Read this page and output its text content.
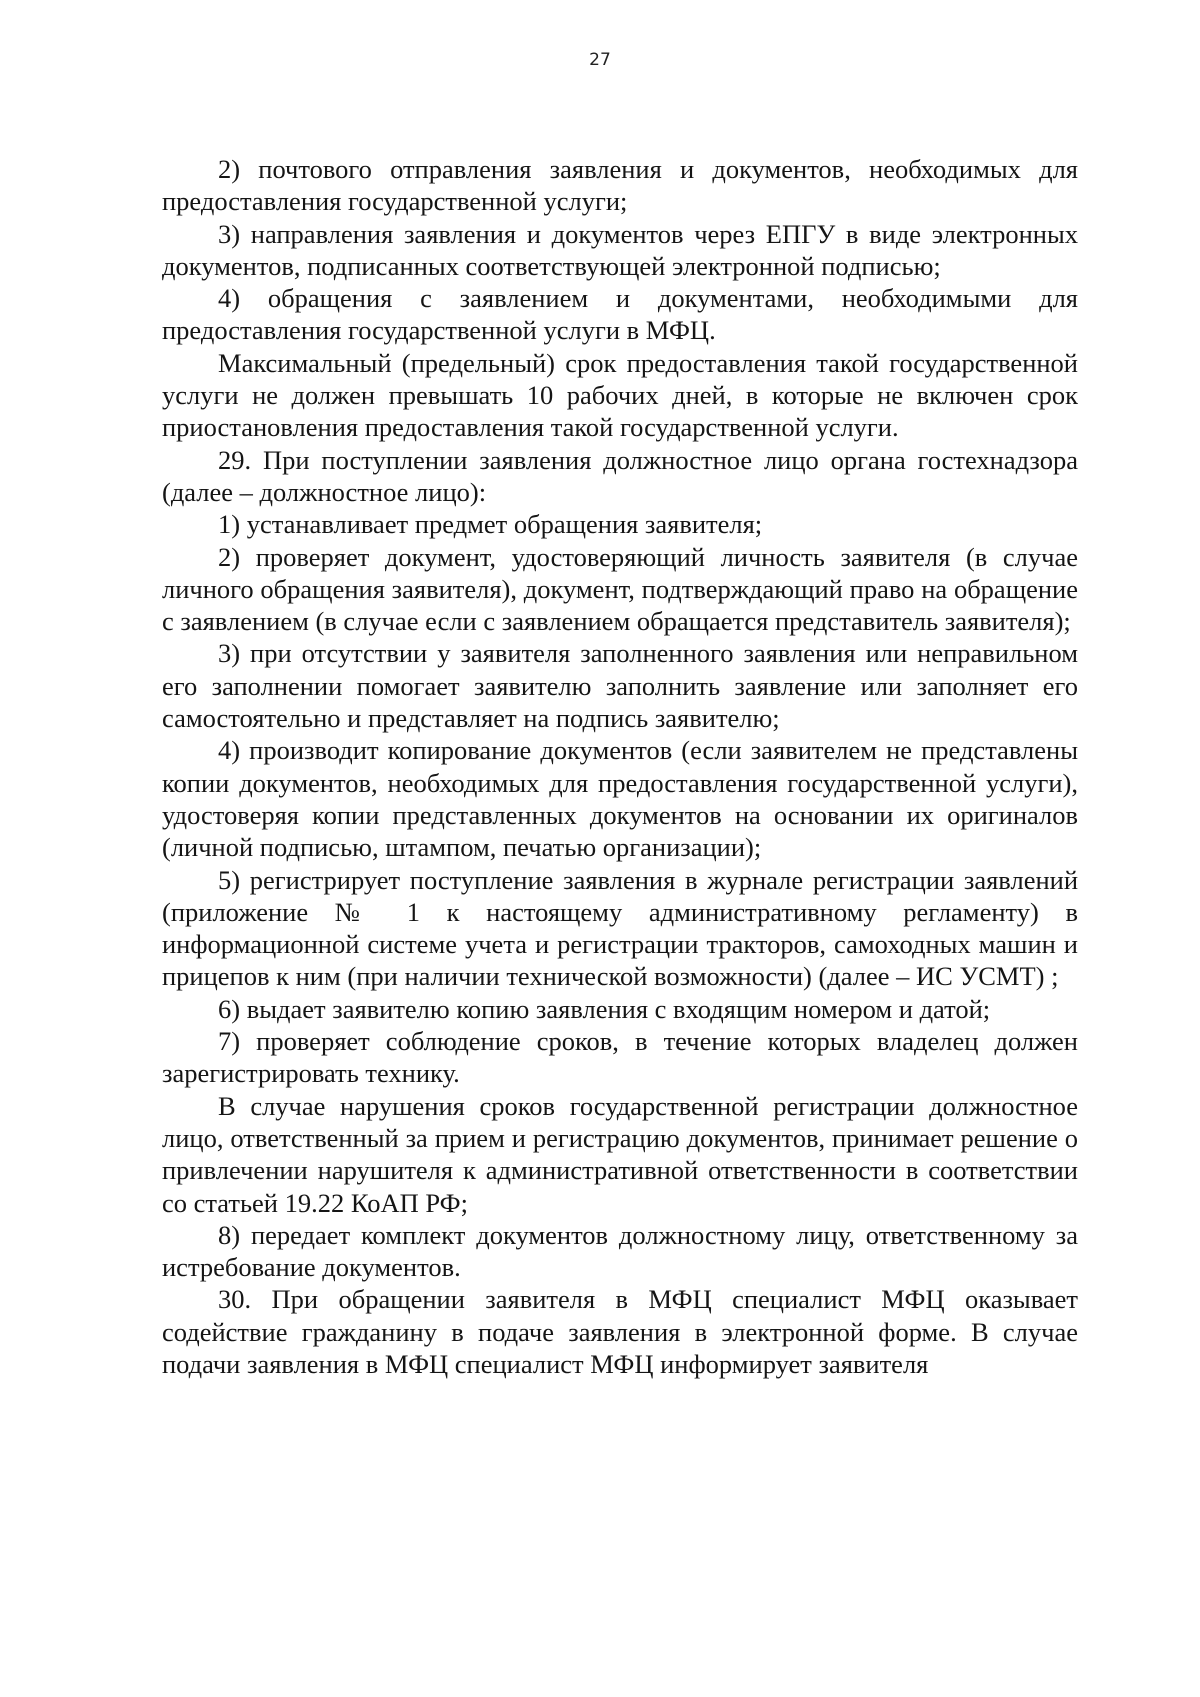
27

2) почтового отправления заявления и документов, необходимых для предоставления государственной услуги;

3) направления заявления и документов через ЕПГУ в виде электронных документов, подписанных соответствующей электронной подписью;

4) обращения с заявлением и документами, необходимыми для предоставления государственной услуги в МФЦ.

Максимальный (предельный) срок предоставления такой государственной услуги не должен превышать 10 рабочих дней, в которые не включен срок приостановления предоставления такой государственной услуги.

29. При поступлении заявления должностное лицо органа гостехнадзора (далее – должностное лицо):

1) устанавливает предмет обращения заявителя;

2) проверяет документ, удостоверяющий личность заявителя (в случае личного обращения заявителя), документ, подтверждающий право на обращение с заявлением (в случае если с заявлением обращается представитель заявителя);

3) при отсутствии у заявителя заполненного заявления или неправильном его заполнении помогает заявителю заполнить заявление или заполняет его самостоятельно и представляет на подпись заявителю;

4) производит копирование документов (если заявителем не представлены копии документов, необходимых для предоставления государственной услуги), удостоверяя копии представленных документов на основании их оригиналов (личной подписью, штампом, печатью организации);

5) регистрирует поступление заявления в журнале регистрации заявлений (приложение № 1 к настоящему административному регламенту) в информационной системе учета и регистрации тракторов, самоходных машин и прицепов к ним (при наличии технической возможности) (далее – ИС УСМТ) ;

6) выдает заявителю копию заявления с входящим номером и датой;

7) проверяет соблюдение сроков, в течение которых владелец должен зарегистрировать технику.

В случае нарушения сроков государственной регистрации должностное лицо, ответственный за прием и регистрацию документов, принимает решение о привлечении нарушителя к административной ответственности в соответствии со статьей 19.22 КоАП РФ;

8) передает комплект документов должностному лицу, ответственному за истребование документов.

30. При обращении заявителя в МФЦ специалист МФЦ оказывает содействие гражданину в подаче заявления в электронной форме. В случае подачи заявления в МФЦ специалист МФЦ информирует заявителя
